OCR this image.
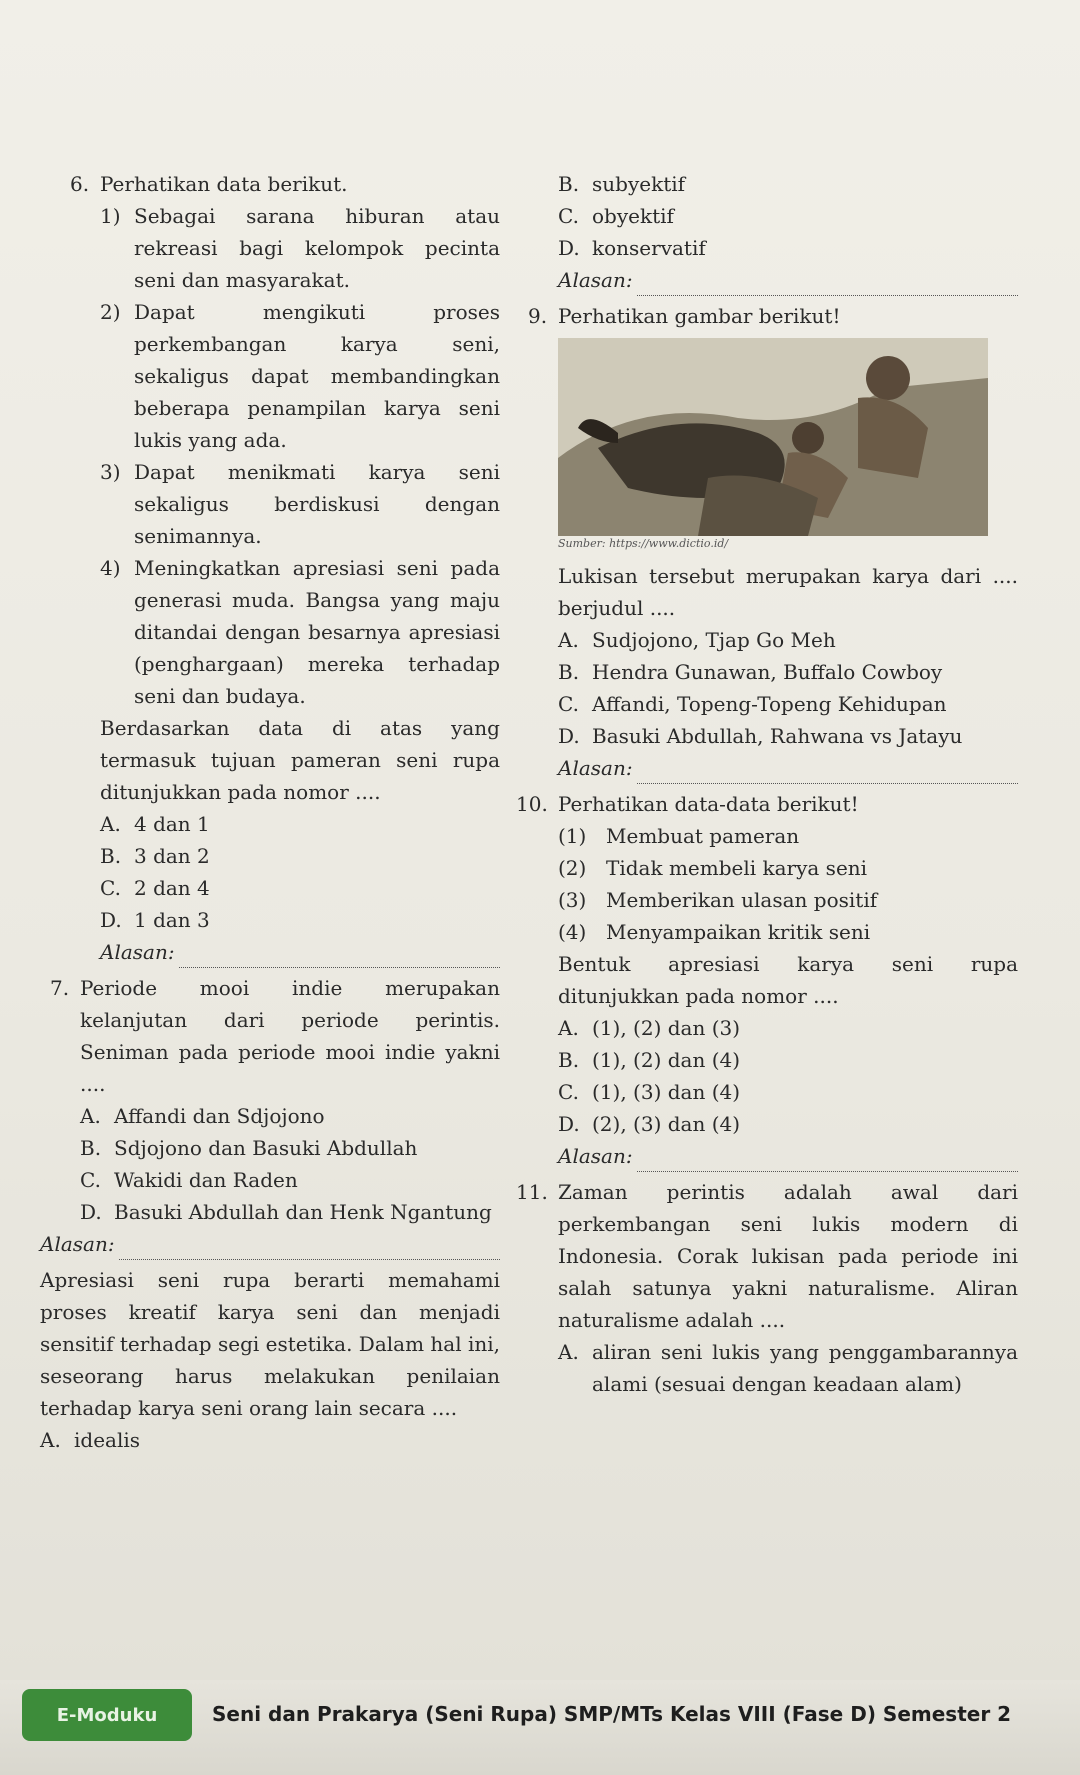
6. Perhatikan data berikut.
1) Sebagai sarana hiburan atau rekreasi bagi kelompok pecinta seni dan masyarakat.
2) Dapat mengikuti proses perkembangan karya seni, sekaligus dapat membandingkan beberapa penampilan karya seni lukis yang ada.
3) Dapat menikmati karya seni sekaligus berdiskusi dengan senimannya.
4) Meningkatkan apresiasi seni pada generasi muda. Bangsa yang maju ditandai dengan besarnya apresiasi (penghargaan) mereka terhadap seni dan budaya.
Berdasarkan data di atas yang termasuk tujuan pameran seni rupa ditunjukkan pada nomor ....
A. 4 dan 1
B. 3 dan 2
C. 2 dan 4
D. 1 dan 3
Alasan:
7. Periode mooi indie merupakan kelanjutan dari periode perintis. Seniman pada periode mooi indie yakni ....
A. Affandi dan Sdjojono
B. Sdjojono dan Basuki Abdullah
C. Wakidi dan Raden
D. Basuki Abdullah dan Henk Ngantung
Alasan:
Apresiasi seni rupa berarti memahami proses kreatif karya seni dan menjadi sensitif terhadap segi estetika. Dalam hal ini, seseorang harus melakukan penilaian terhadap karya seni orang lain secara ....
A. idealis
B. subyektif
C. obyektif
D. konservatif
Alasan:
9. Perhatikan gambar berikut!
Sumber: https://www.dictio.id/
Lukisan tersebut merupakan karya dari .... berjudul ....
A. Sudjojono, Tjap Go Meh
B. Hendra Gunawan, Buffalo Cowboy
C. Affandi, Topeng-Topeng Kehidupan
D. Basuki Abdullah, Rahwana vs Jatayu
Alasan:
10. Perhatikan data-data berikut!
(1) Membuat pameran
(2) Tidak membeli karya seni
(3) Memberikan ulasan positif
(4) Menyampaikan kritik seni
Bentuk apresiasi karya seni rupa ditunjukkan pada nomor ....
A. (1), (2) dan (3)
B. (1), (2) dan (4)
C. (1), (3) dan (4)
D. (2), (3) dan (4)
Alasan:
11. Zaman perintis adalah awal dari perkembangan seni lukis modern di Indonesia. Corak lukisan pada periode ini salah satunya yakni naturalisme. Aliran naturalisme adalah ....
A. aliran seni lukis yang penggambarannya alami (sesuai dengan keadaan alam)
E-Moduku	Seni dan Prakarya (Seni Rupa) SMP/MTs Kelas VIII (Fase D) Semester 2
